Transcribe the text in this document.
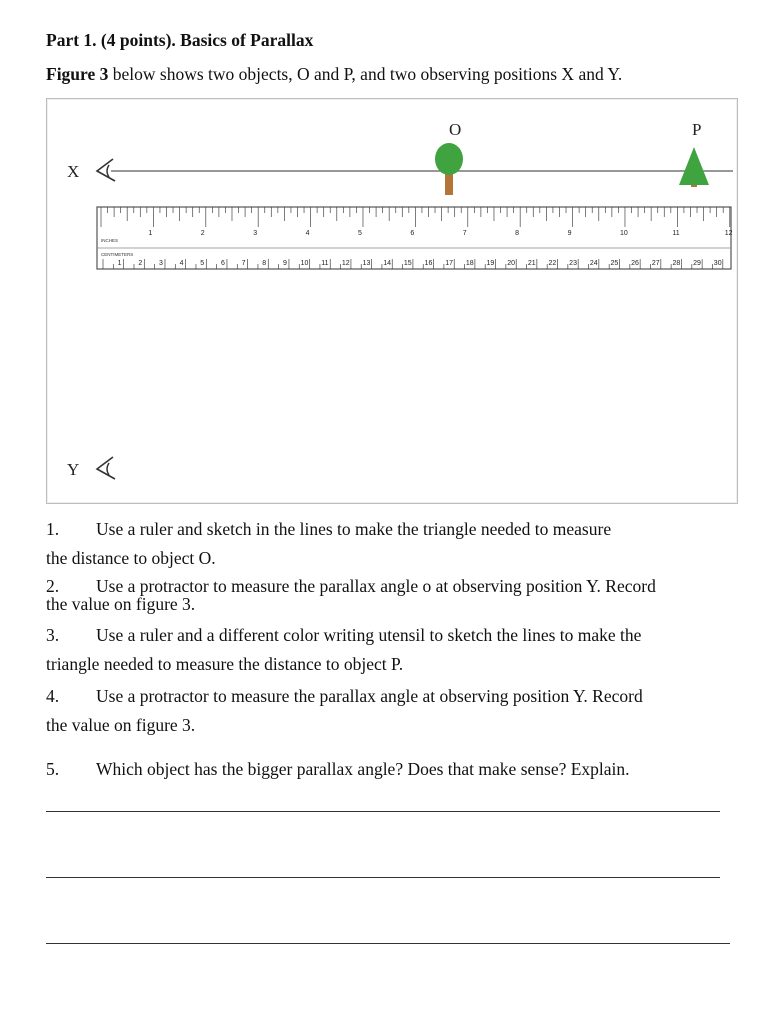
Part 1. (4 points). Basics of Parallax
Figure 3 below shows two objects, O and P, and two observing positions X and Y.
O	P
X
Y
1	2	3	4	5	6	7	8	9	10	11	12
1 2 3 4 5 6 7 8 9 10 11 12 13 14 15 16 17 18 19 20 21 22 23 24 25 26 27 28 29 30
INCHES
CENTIMETERS
1. Use a ruler and sketch in the lines to make the triangle needed to measure
the distance to object O.
2. Use a protractor to measure the parallax angle o at observing position Y. Record
the value on figure 3.
3. Use a ruler and a different color writing utensil to sketch the lines to make the
triangle needed to measure the distance to object P.
4. Use a protractor to measure the parallax angle at observing position Y. Record
the value on figure 3.
5. Which object has the bigger parallax angle? Does that make sense? Explain.
